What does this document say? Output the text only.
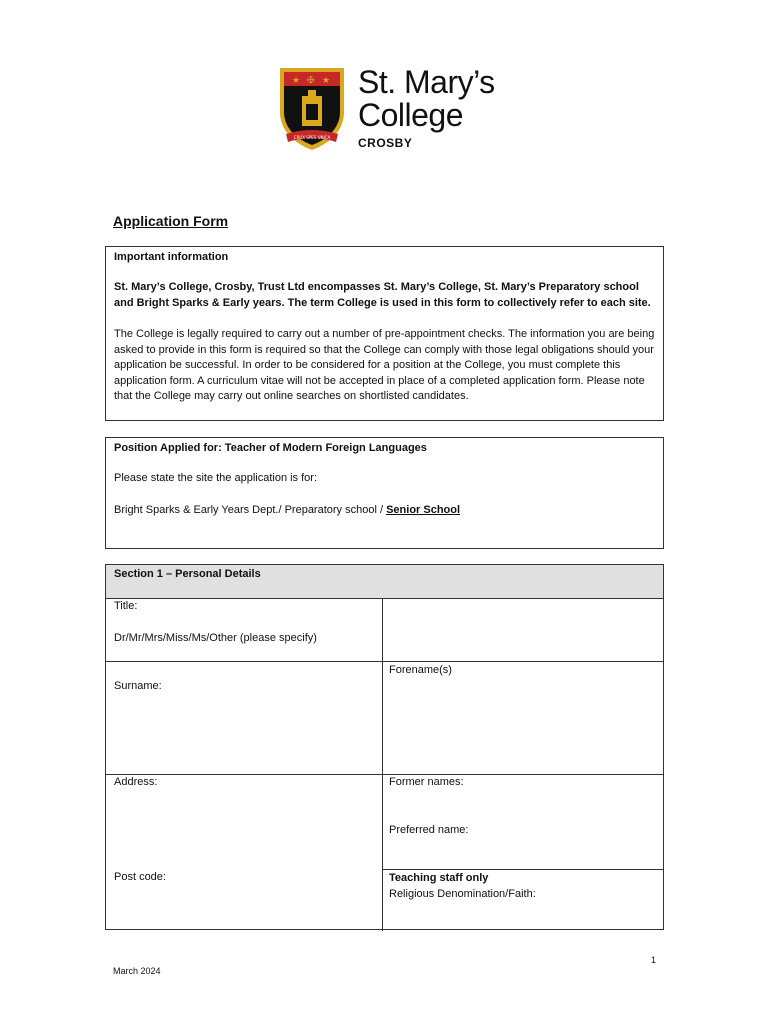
★ ✠ ★
CRUX SPES UNICA
St. Mary’s
College
CROSBY
Application Form
Important information
St. Mary’s College, Crosby, Trust Ltd encompasses St. Mary’s College, St. Mary’s Preparatory school and Bright Sparks & Early years. The term College is used in this form to collectively refer to each site.
The College is legally required to carry out a number of pre-appointment checks. The information you are being asked to provide in this form is required so that the College can comply with those legal obligations should your application be successful. In order to be considered for a position at the College, you must complete this application form. A curriculum vitae will not be accepted in place of a completed application form. Please note that the College may carry out online searches on shortlisted candidates.
Position Applied for: Teacher of Modern Foreign Languages
Please state the site the application is for:
Bright Sparks & Early Years Dept./ Preparatory school / Senior School
Section 1 – Personal Details
Title:
Dr/Mr/Mrs/Miss/Ms/Other (please specify)
Surname:
Forename(s)
Address:	Former names:
Preferred name:
Post code:	Teaching staff only
Religious Denomination/Faith:
1
March 2024
